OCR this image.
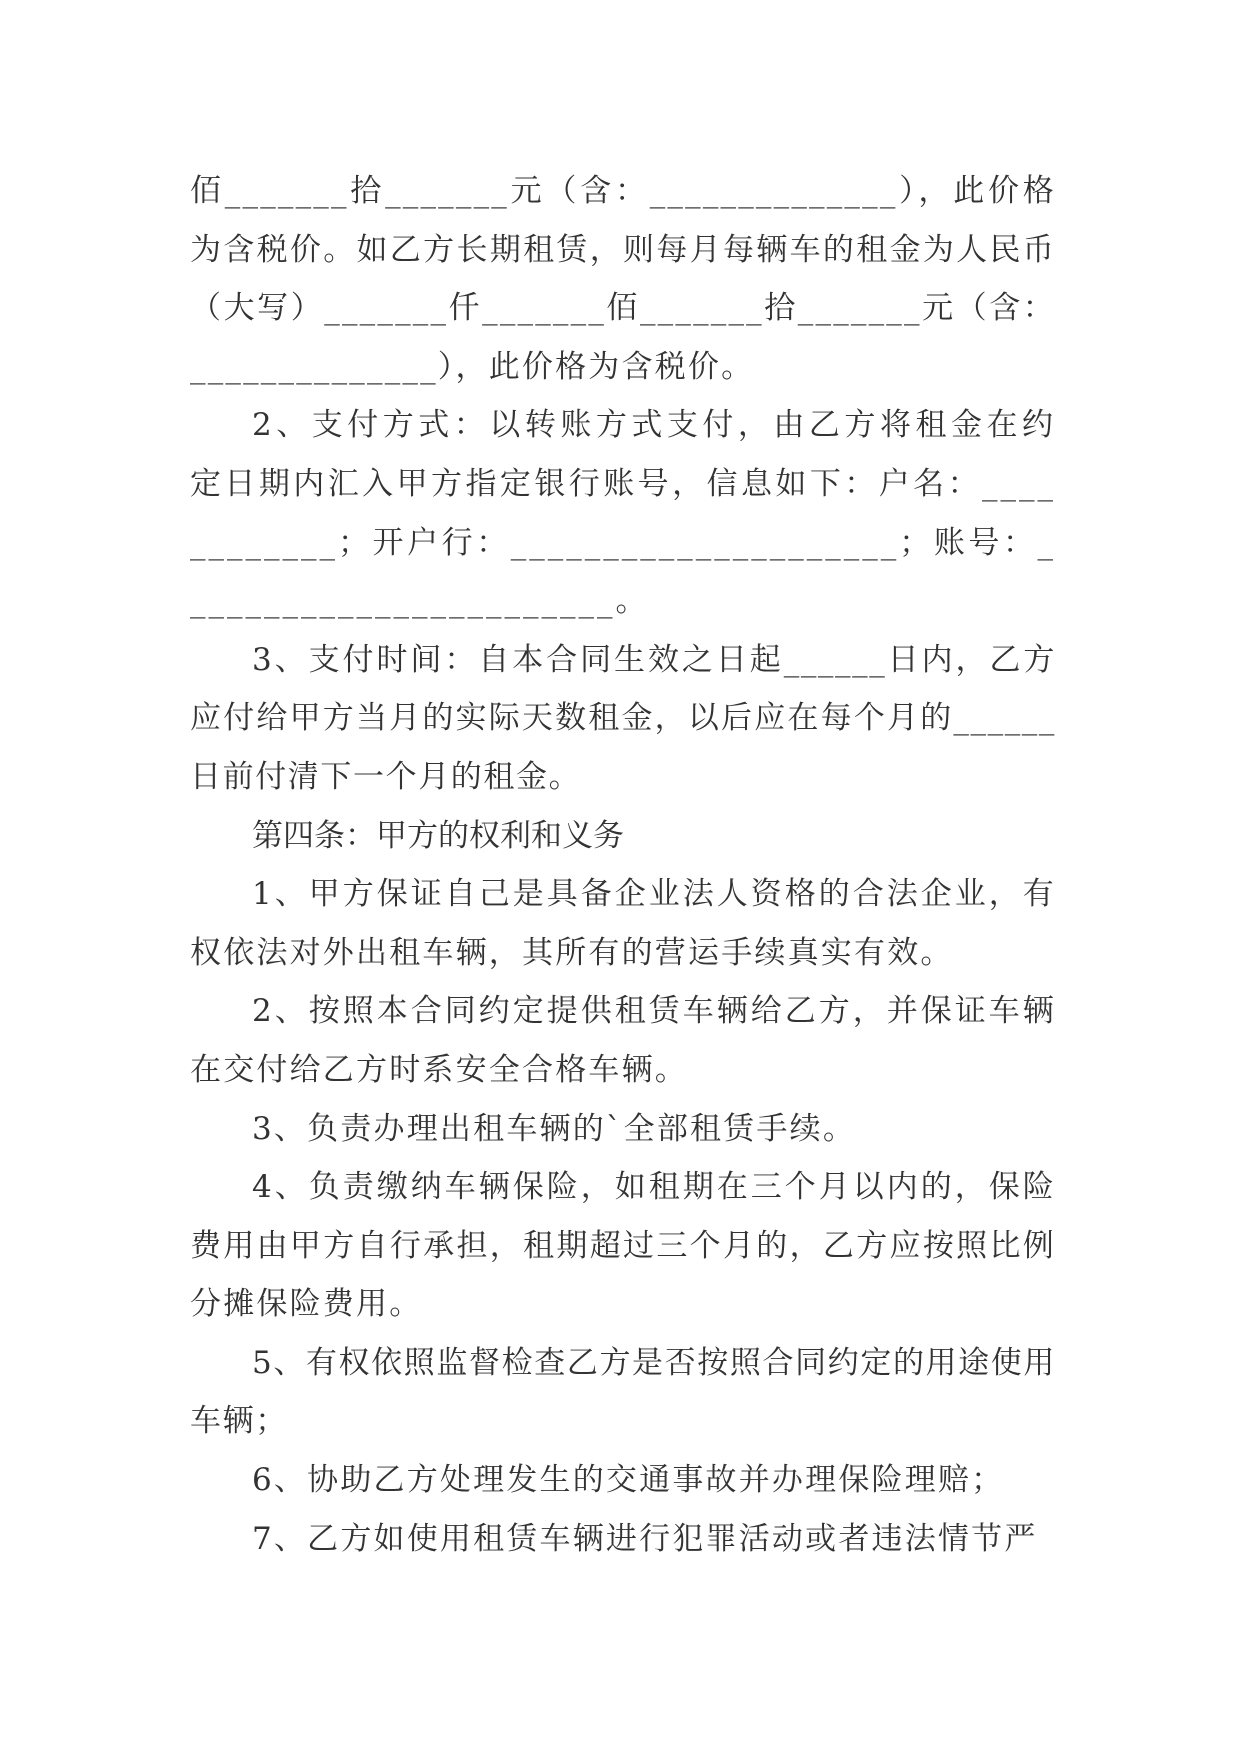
佰_______拾_______元（含：______________），此价格为含税价。如乙方长期租赁，则每月每辆车的租金为人民币（大写）_______仟_______佰_______拾_______元（含：______________），此价格为含税价。

2、支付方式：以转账方式支付，由乙方将租金在约定日期内汇入甲方指定银行账号，信息如下：户名：____________；开户行：_____________________；账号：________________________。

3、支付时间：自本合同生效之日起______日内，乙方应付给甲方当月的实际天数租金，以后应在每个月的______日前付清下一个月的租金。

第四条：甲方的权利和义务

1、甲方保证自己是具备企业法人资格的合法企业，有权依法对外出租车辆，其所有的营运手续真实有效。

2、按照本合同约定提供租赁车辆给乙方，并保证车辆在交付给乙方时系安全合格车辆。

3、负责办理出租车辆的`全部租赁手续。

4、负责缴纳车辆保险，如租期在三个月以内的，保险费用由甲方自行承担，租期超过三个月的，乙方应按照比例分摊保险费用。

5、有权依照监督检查乙方是否按照合同约定的用途使用车辆；

6、协助乙方处理发生的交通事故并办理保险理赔；

7、乙方如使用租赁车辆进行犯罪活动或者违法情节严
